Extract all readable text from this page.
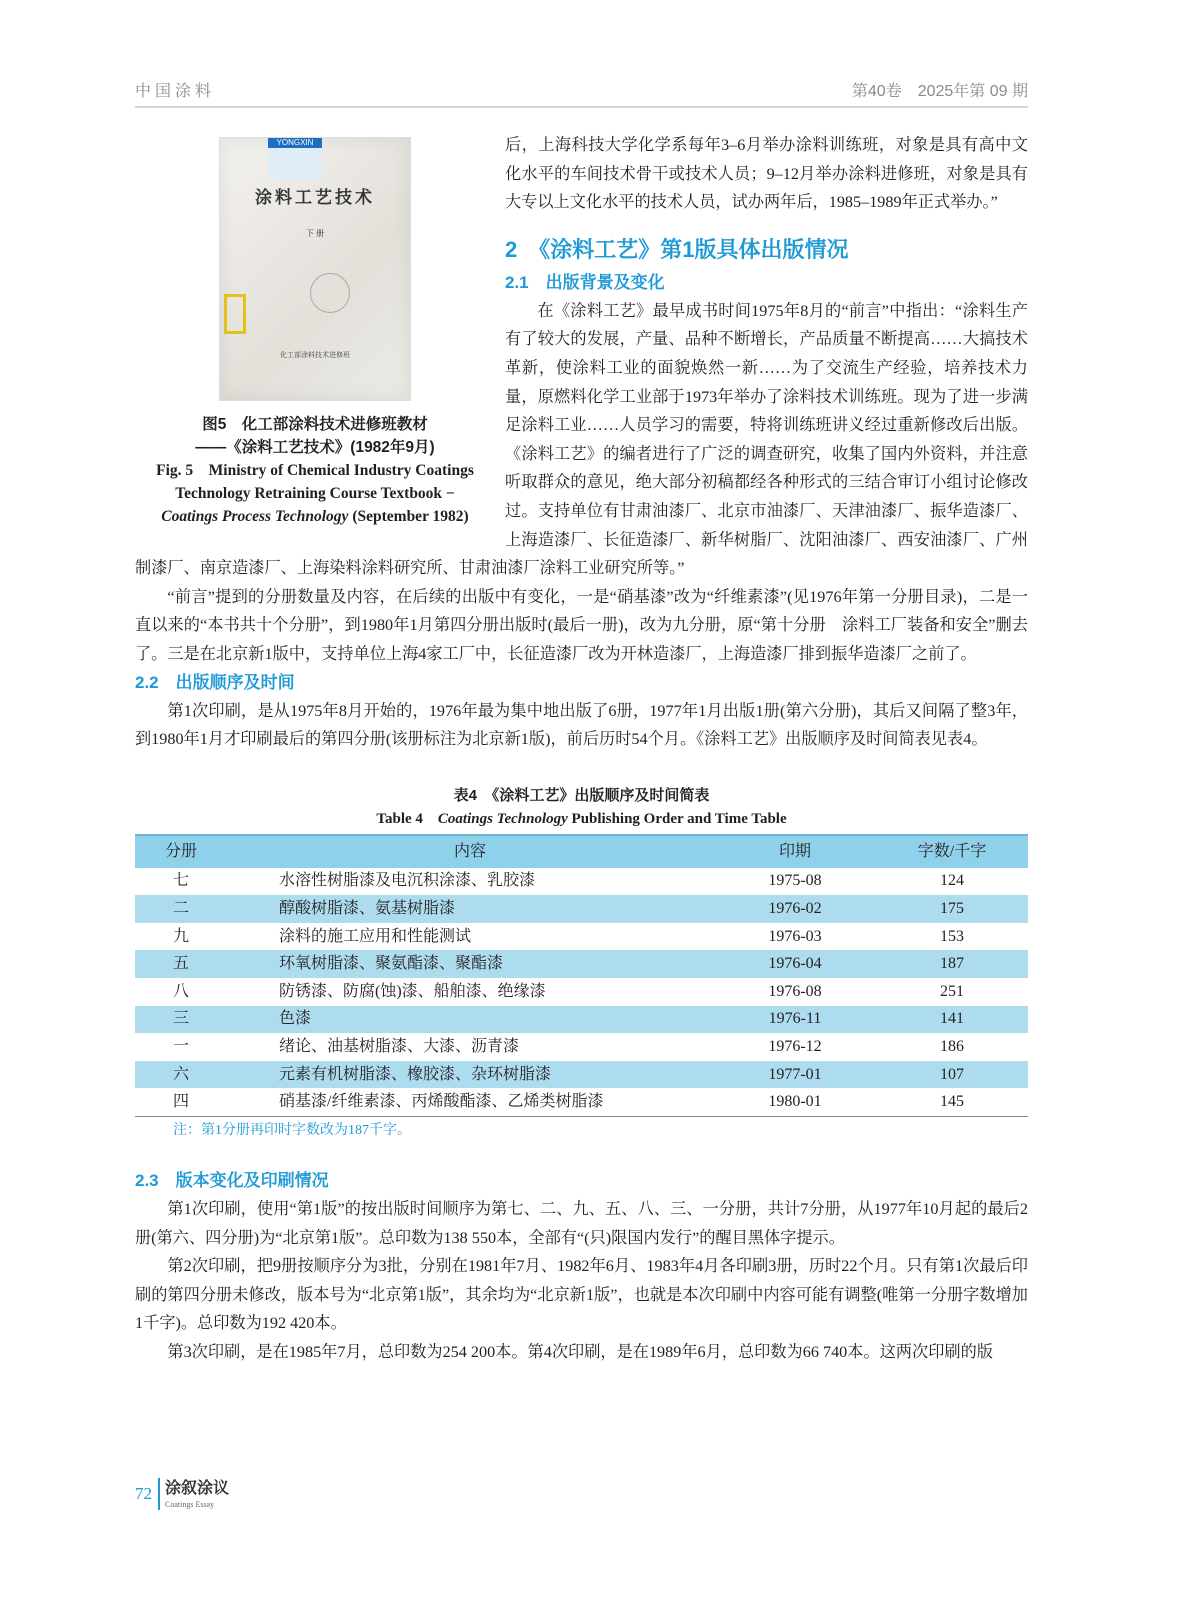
中国涂料	第40卷　2025年第 09 期
YONGXIN
涂料工艺技术
下 册
化工部涂料技术进修班
图5　化工部涂料技术进修班教材
——《涂料工艺技术》(1982年9月)
Fig. 5　Ministry of Chemical Industry Coatings
Technology Retraining Course Textbook −
Coatings Process Technology (September 1982)

后，上海科技大学化学系每年3–6月举办涂料训练班，对象是具有高中文化水平的车间技术骨干或技术人员；9–12月举办涂料进修班，对象是具有大专以上文化水平的技术人员，试办两年后，1985–1989年正式举办。”

2　《涂料工艺》第1版具体出版情况
2.1　出版背景及变化

在《涂料工艺》最早成书时间1975年8月的“前言”中指出：“涂料生产有了较大的发展，产量、品种不断增长，产品质量不断提高……大搞技术革新，使涂料工业的面貌焕然一新……为了交流生产经验，培养技术力量，原燃料化学工业部于1973年举办了涂料技术训练班。现为了进一步满足涂料工业……人员学习的需要，特将训练班讲义经过重新修改后出版。《涂料工艺》的编者进行了广泛的调查研究，收集了国内外资料，并注意听取群众的意见，绝大部分初稿都经各种形式的三结合审订小组讨论修改过。支持单位有甘肃油漆厂、北京市油漆厂、天津油漆厂、振华造漆厂、上海造漆厂、长征造漆厂、新华树脂厂、沈阳油漆厂、西安油漆厂、广州制漆厂、南京造漆厂、上海染料涂料研究所、甘肃油漆厂涂料工业研究所等。”

“前言”提到的分册数量及内容，在后续的出版中有变化，一是“硝基漆”改为“纤维素漆”(见1976年第一分册目录)，二是一直以来的“本书共十个分册”，到1980年1月第四分册出版时(最后一册)，改为九分册，原“第十分册　涂料工厂装备和安全”删去了。三是在北京新1版中，支持单位上海4家工厂中，长征造漆厂改为开林造漆厂，上海造漆厂排到振华造漆厂之前了。

2.2　出版顺序及时间

第1次印刷，是从1975年8月开始的，1976年最为集中地出版了6册，1977年1月出版1册(第六分册)，其后又间隔了整3年，到1980年1月才印刷最后的第四分册(该册标注为北京新1版)，前后历时54个月。《涂料工艺》出版顺序及时间简表见表4。

表4　《涂料工艺》出版顺序及时间简表
Table 4　Coatings Technology Publishing Order and Time Table
分册	内容	印期	字数/千字
七	水溶性树脂漆及电沉积涂漆、乳胶漆	1975-08	124
二	醇酸树脂漆、氨基树脂漆	1976-02	175
九	涂料的施工应用和性能测试	1976-03	153
五	环氧树脂漆、聚氨酯漆、聚酯漆	1976-04	187
八	防锈漆、防腐(蚀)漆、船舶漆、绝缘漆	1976-08	251
三	色漆	1976-11	141
一	绪论、油基树脂漆、大漆、沥青漆	1976-12	186
六	元素有机树脂漆、橡胶漆、杂环树脂漆	1977-01	107
四	硝基漆/纤维素漆、丙烯酸酯漆、乙烯类树脂漆	1980-01	145
注：第1分册再印时字数改为187千字。
2.3　版本变化及印刷情况

第1次印刷，使用“第1版”的按出版时间顺序为第七、二、九、五、八、三、一分册，共计7分册，从1977年10月起的最后2册(第六、四分册)为“北京第1版”。总印数为138 550本，全部有“(只)限国内发行”的醒目黑体字提示。

第2次印刷，把9册按顺序分为3批，分别在1981年7月、1982年6月、1983年4月各印刷3册，历时22个月。只有第1次最后印刷的第四分册未修改，版本号为“北京第1版”，其余均为“北京新1版”，也就是本次印刷中内容可能有调整(唯第一分册字数增加1千字)。总印数为192 420本。

第3次印刷，是在1985年7月，总印数为254 200本。第4次印刷，是在1989年6月，总印数为66 740本。这两次印刷的版

72 涂叙涂议
Coatings Essay
